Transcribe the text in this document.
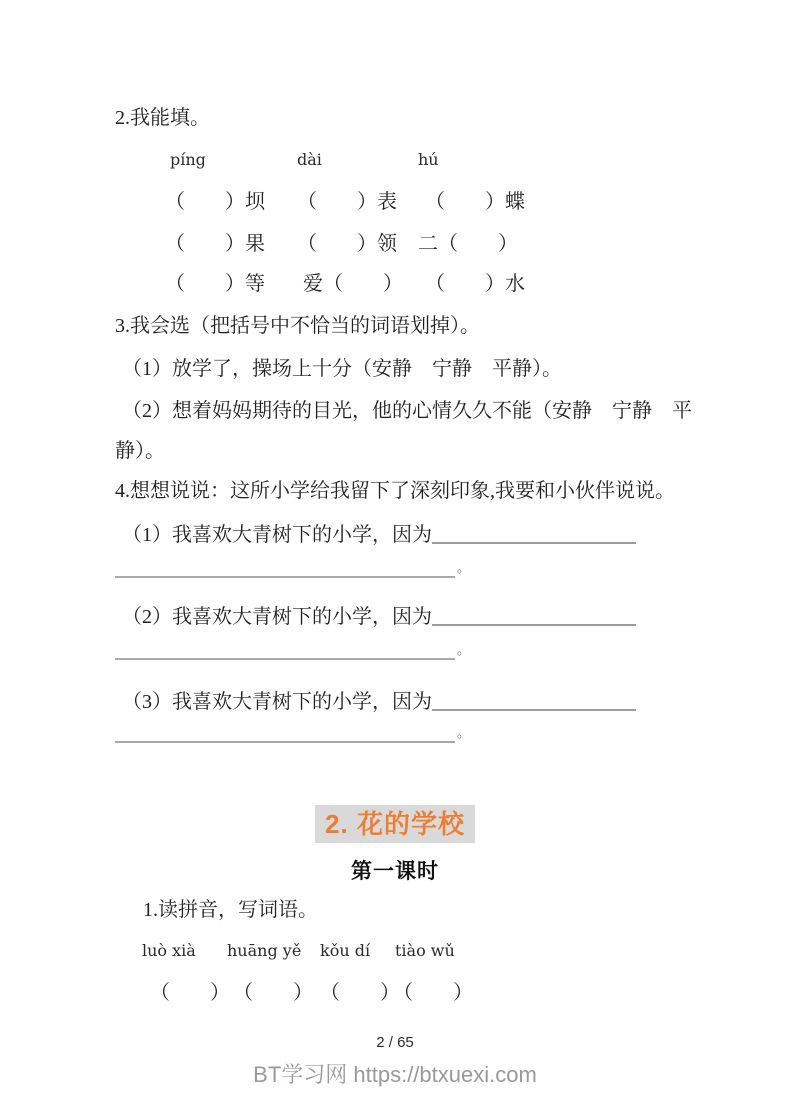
2.我能填。
píng	dài	hú
（　　）坝 （　　）表 （　　）蝶
（　　）果 （　　）领 二（　　）
（　　）等 爱（　　） （　　）水
3.我会选（把括号中不恰当的词语划掉）。
（1）放学了，操场上十分（安静　宁静　平静）。
（2）想着妈妈期待的目光，他的心情久久不能（安静　宁静　平
静）。
4.想想说说：这所小学给我留下了深刻印象,我要和小伙伴说说。
（1）我喜欢大青树下的小学，因为
。
（2）我喜欢大青树下的小学，因为
。
（3）我喜欢大青树下的小学，因为
。
2. 花的学校
第一课时
1.读拼音，写词语。
luò xià huāng yě kǒu dí tiào wǔ
（　　） （　　） （　　）
（　　）
2 / 65
BT学习网 https://btxuexi.com
